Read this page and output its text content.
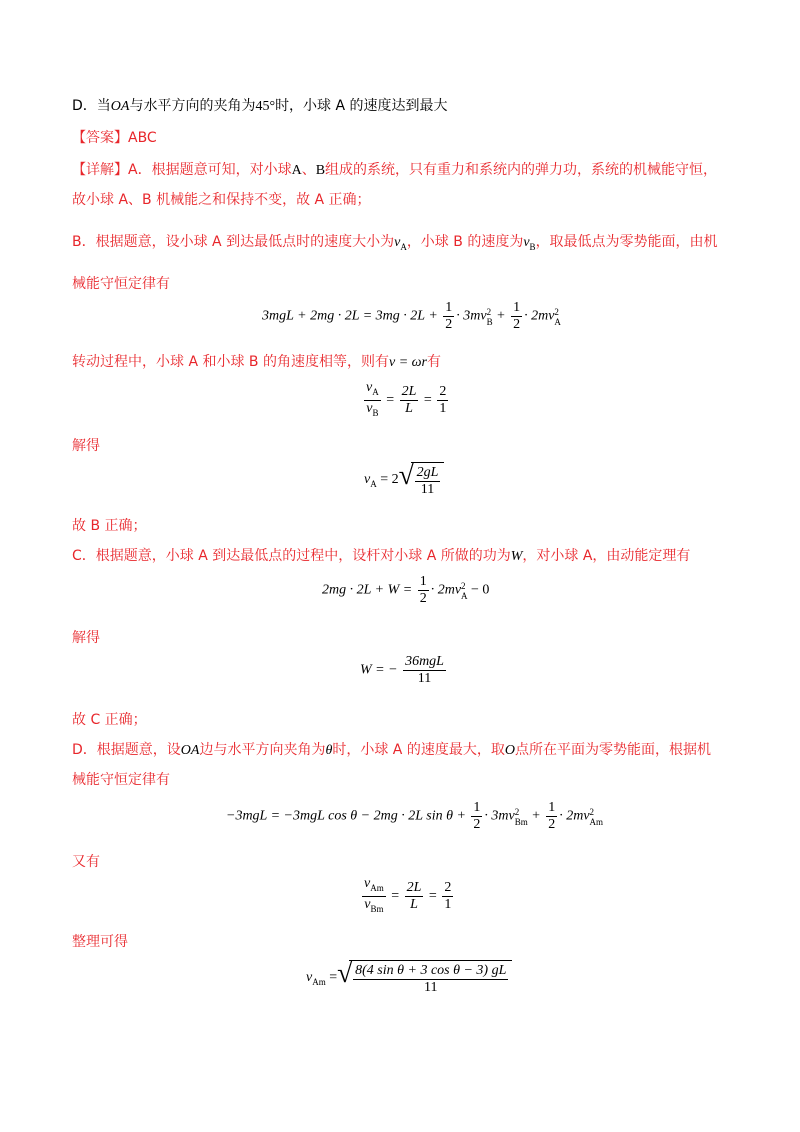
D．当OA与水平方向的夹角为45°时，小球 A 的速度达到最大
【答案】ABC
【详解】A．根据题意可知，对小球A、B组成的系统，只有重力和系统内的弹力功，系统的机械能守恒，
故小球 A、B 机械能之和保持不变，故 A 正确；
B．根据题意，设小球 A 到达最低点时的速度大小为$v_A$，小球 B 的速度为$v_B$，取最低点为零势能面，由机
械能守恒定律有
$3mgL + 2mg \cdot 2L = 3mg \cdot 2L + \frac{1}{2} \cdot 3mv$ 2
$B + \frac{1}{2} \cdot 2mv$ 2
A
转动过程中，小球 A 和小球 B 的角速度相等，则有v = ωr有
$\frac{v_A}{v_B} = \frac{2L}{L} = \frac{2}{1}$
解得
$v_A = 2$ √ $\frac{2gL}{11}$
故 B 正确；
C．根据题意，小球 A 到达最低点的过程中，设杆对小球 A 所做的功为W，对小球 A，由动能定理有
$2mg \cdot 2L + W = \frac{1}{2} \cdot 2mv$ 2
A − 0
解得
W = − $\frac{\text{36mgL}}{11}$
故 C 正确；
D．根据题意，设OA边与水平方向夹角为θ时，小球 A 的速度最大，取O点所在平面为零势能面，根据机
械能守恒定律有
−3mgL = −3mgL cos θ − 2mg · 2L $\sin \theta + \frac{1}{2} \cdot 3mv$ 2
$Bm + \frac{1}{2} \cdot 2mv$ 2
Am
又有
$\frac{v_{Am}}{v_{Bm}} = \frac{2L}{L} = \frac{2}{1}$
整理可得
$v_{Am}$ = √ $\frac{\text{8(4 sin θ + 3 cos θ − 3) gL}}{11}$
